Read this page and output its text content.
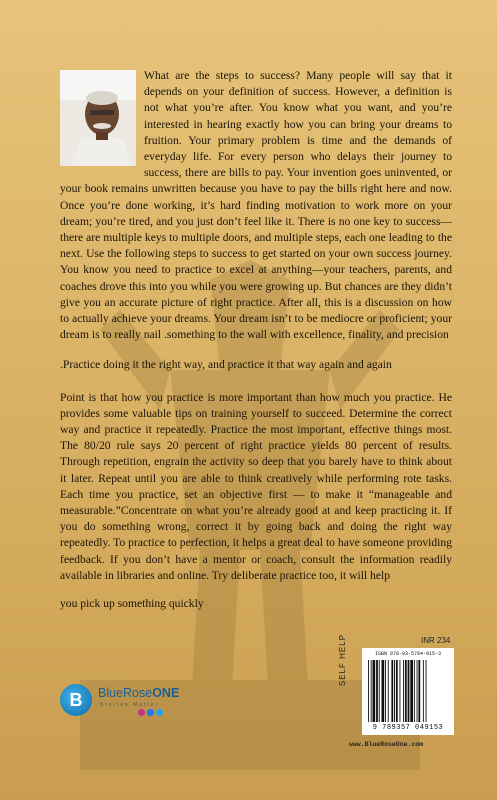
What are the steps to success? Many people will say that it depends on your definition of success. However, a definition is not what you’re after. You know what you want, and you’re interested in hearing exactly how you can bring your dreams to fruition. Your primary problem is time and the demands of everyday life. For every person who delays their journey to success, there are bills to pay. Your invention goes uninvented, or your book remains unwritten because you have to pay the bills right here and now. Once you’re done working, it’s hard finding motivation to work more on your dream; you’re tired, and you just don’t feel like it. There is no one key to success—there are multiple keys to multiple doors, and multiple steps, each one leading to the next. Use the following steps to success to get started on your own success journey. You know you need to practice to excel at anything—your teachers, parents, and coaches drove this into you while you were growing up. But chances are they didn’t give you an accurate picture of right practice. After all, this is a discussion on how to actually achieve your dreams. Your dream isn’t to be mediocre or proficient; your dream is to really nail .something to the wall with excellence, finality, and precision

.Practice doing it the right way, and practice it that way again and again

Point is that how you practice is more important than how much you practice. He provides some valuable tips on training yourself to succeed. Determine the correct way and practice it repeatedly. Practice the most important, effective things most. The 80/20 rule says 20 percent of right practice yields 80 percent of results. Through repetition, engrain the activity so deep that you barely have to think about it later. Repeat until you are able to think creatively while performing rote tasks. Each time you practice, set an objective first — to make it “manageable and measurable.”Concentrate on what you’re already good at and keep practicing it. If you do something wrong, correct it by going back and doing the right way repeatedly. To practice to perfection, it helps a great deal to have someone providing feedback. If you don’t have a mentor or coach, consult the information readily available in libraries and online. Try deliberate practice too, it will help

you pick up something quickly

B	BlueRoseONE
Stories Matter
INR 234
SELF HELP	ISBN 978-93-5704-915-3
9 789357 049153
www.BlueRoseOne.com
